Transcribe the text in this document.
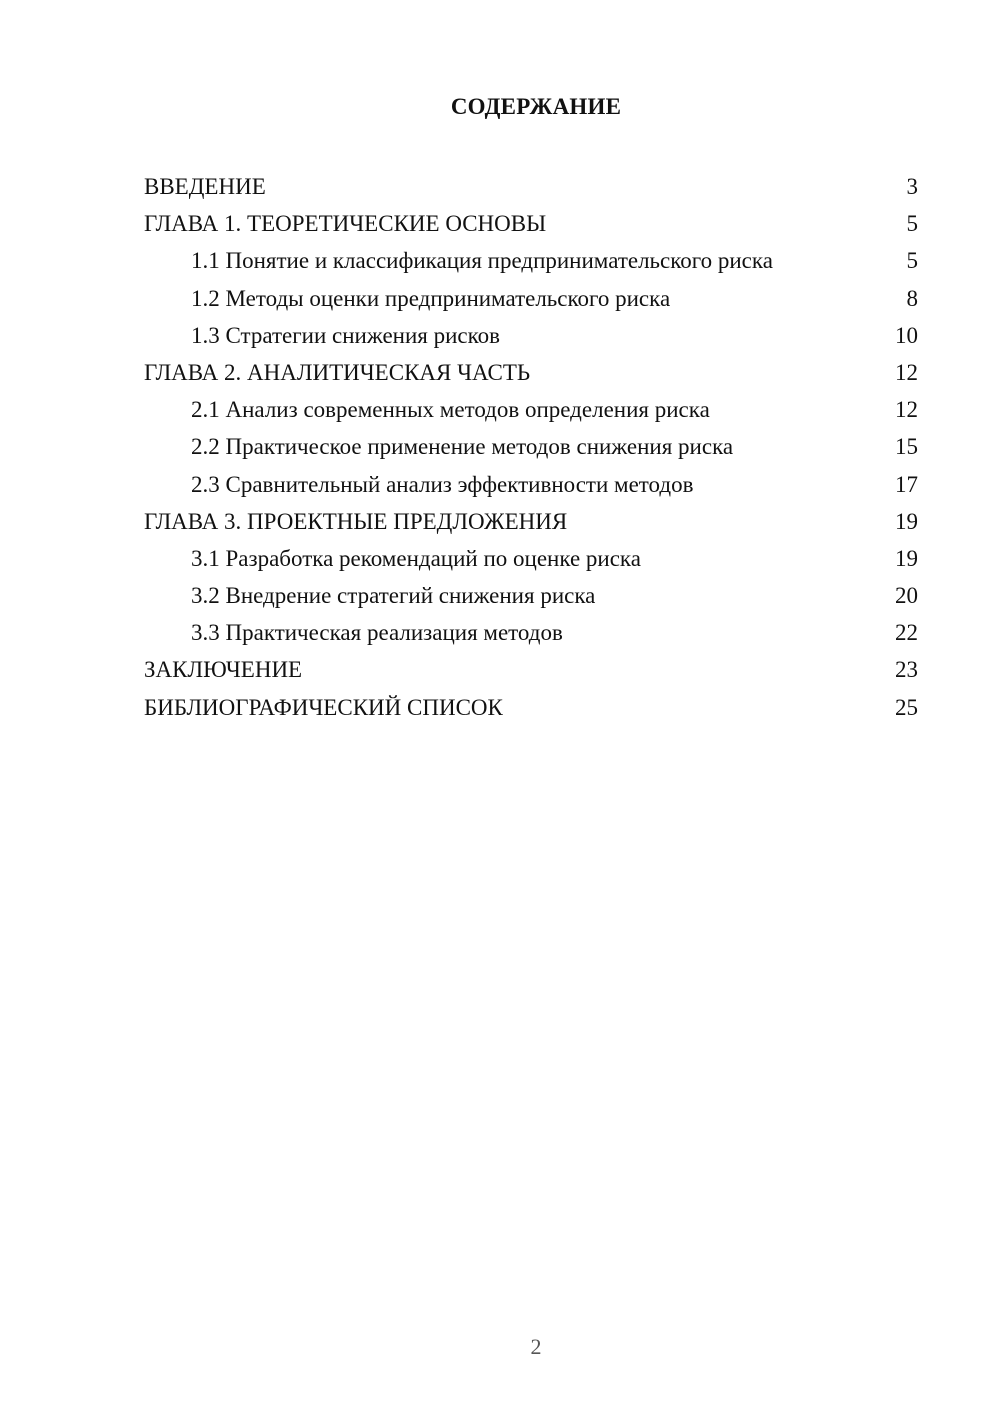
СОДЕРЖАНИЕ
ВВЕДЕНИЕ	3
ГЛАВА 1. ТЕОРЕТИЧЕСКИЕ ОСНОВЫ	5
1.1 Понятие и классификация предпринимательского риска	5
1.2 Методы оценки предпринимательского риска	8
1.3 Стратегии снижения рисков	10
ГЛАВА 2. АНАЛИТИЧЕСКАЯ ЧАСТЬ	12
2.1 Анализ современных методов определения риска	12
2.2 Практическое применение методов снижения риска	15
2.3 Сравнительный анализ эффективности методов	17
ГЛАВА 3. ПРОЕКТНЫЕ ПРЕДЛОЖЕНИЯ	19
3.1 Разработка рекомендаций по оценке риска	19
3.2 Внедрение стратегий снижения риска	20
3.3 Практическая реализация методов	22
ЗАКЛЮЧЕНИЕ	23
БИБЛИОГРАФИЧЕСКИЙ СПИСОК	25
2
